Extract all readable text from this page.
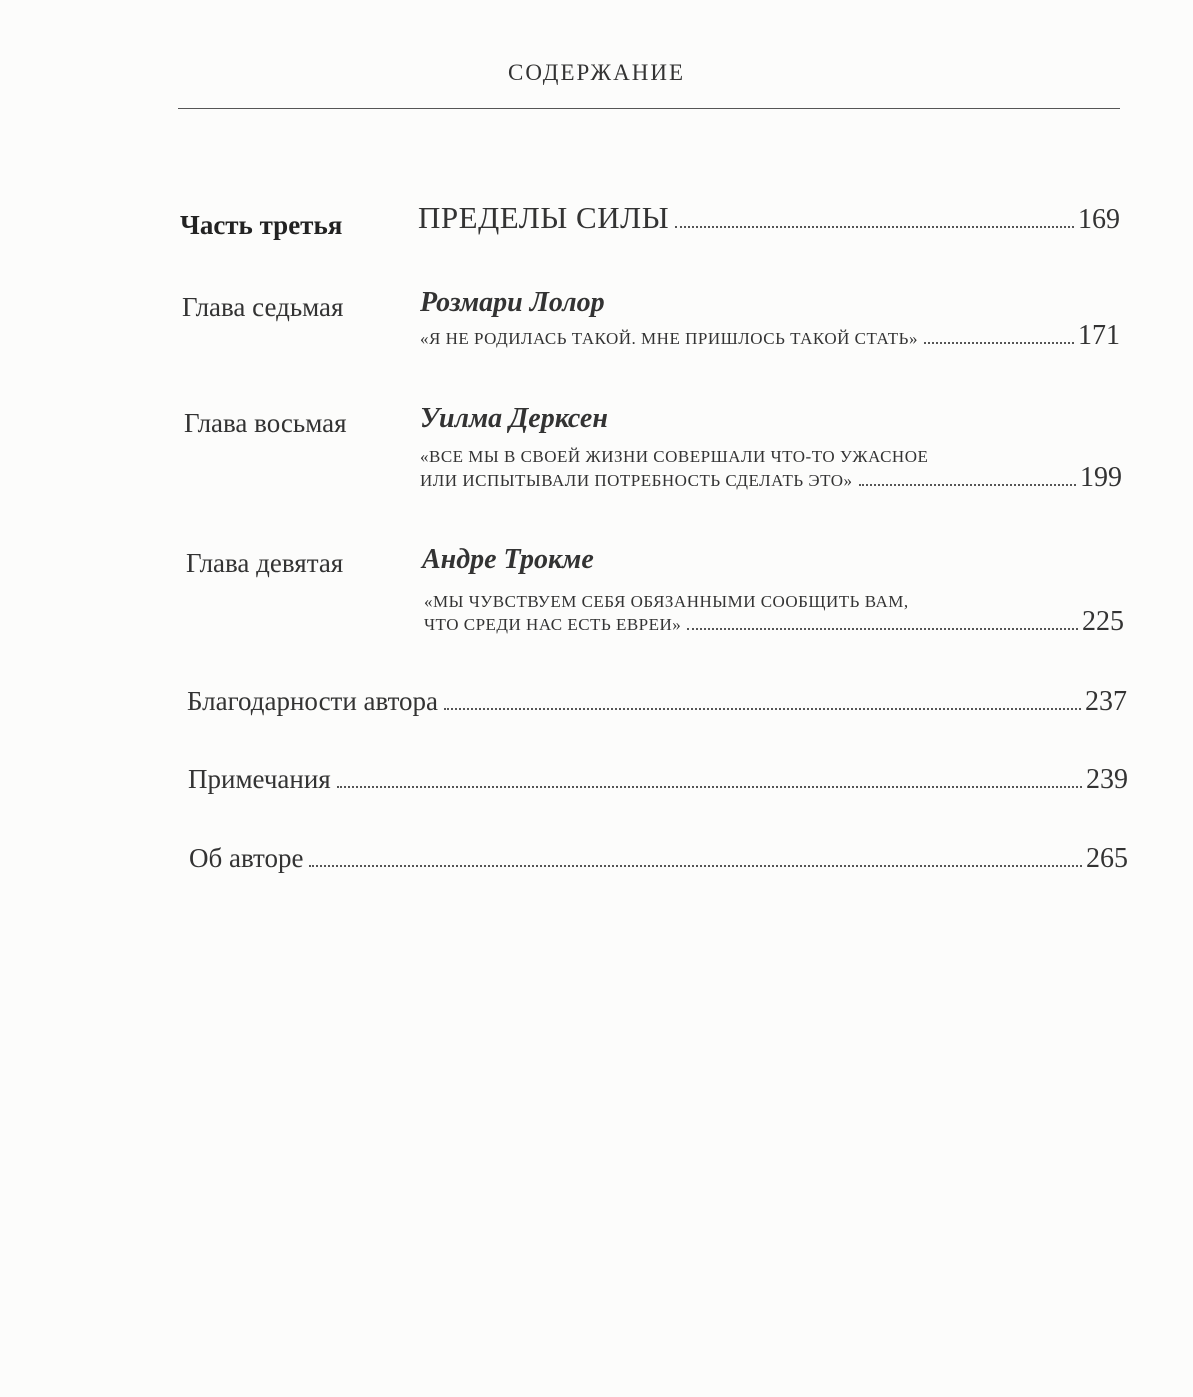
СОДЕРЖАНИЕ
Часть третья ПРЕДЕЛЫ СИЛЫ	169
Глава седьмая	Розмари Лолор
«Я НЕ РОДИЛАСЬ ТАКОЙ. МНЕ ПРИШЛОСЬ ТАКОЙ СТАТЬ»	171
Глава восьмая	Уилма Дерксен
«ВСЕ МЫ В СВОЕЙ ЖИЗНИ СОВЕРШАЛИ ЧТО-ТО УЖАСНОЕ
ИЛИ ИСПЫТЫВАЛИ ПОТРЕБНОСТЬ СДЕЛАТЬ ЭТО»	199
Глава девятая	Андре Трокме
«МЫ ЧУВСТВУЕМ СЕБЯ ОБЯЗАННЫМИ СООБЩИТЬ ВАМ,
ЧТО СРЕДИ НАС ЕСТЬ ЕВРЕИ»	225
Благодарности автора	237
Примечания	239
Об авторе	265
